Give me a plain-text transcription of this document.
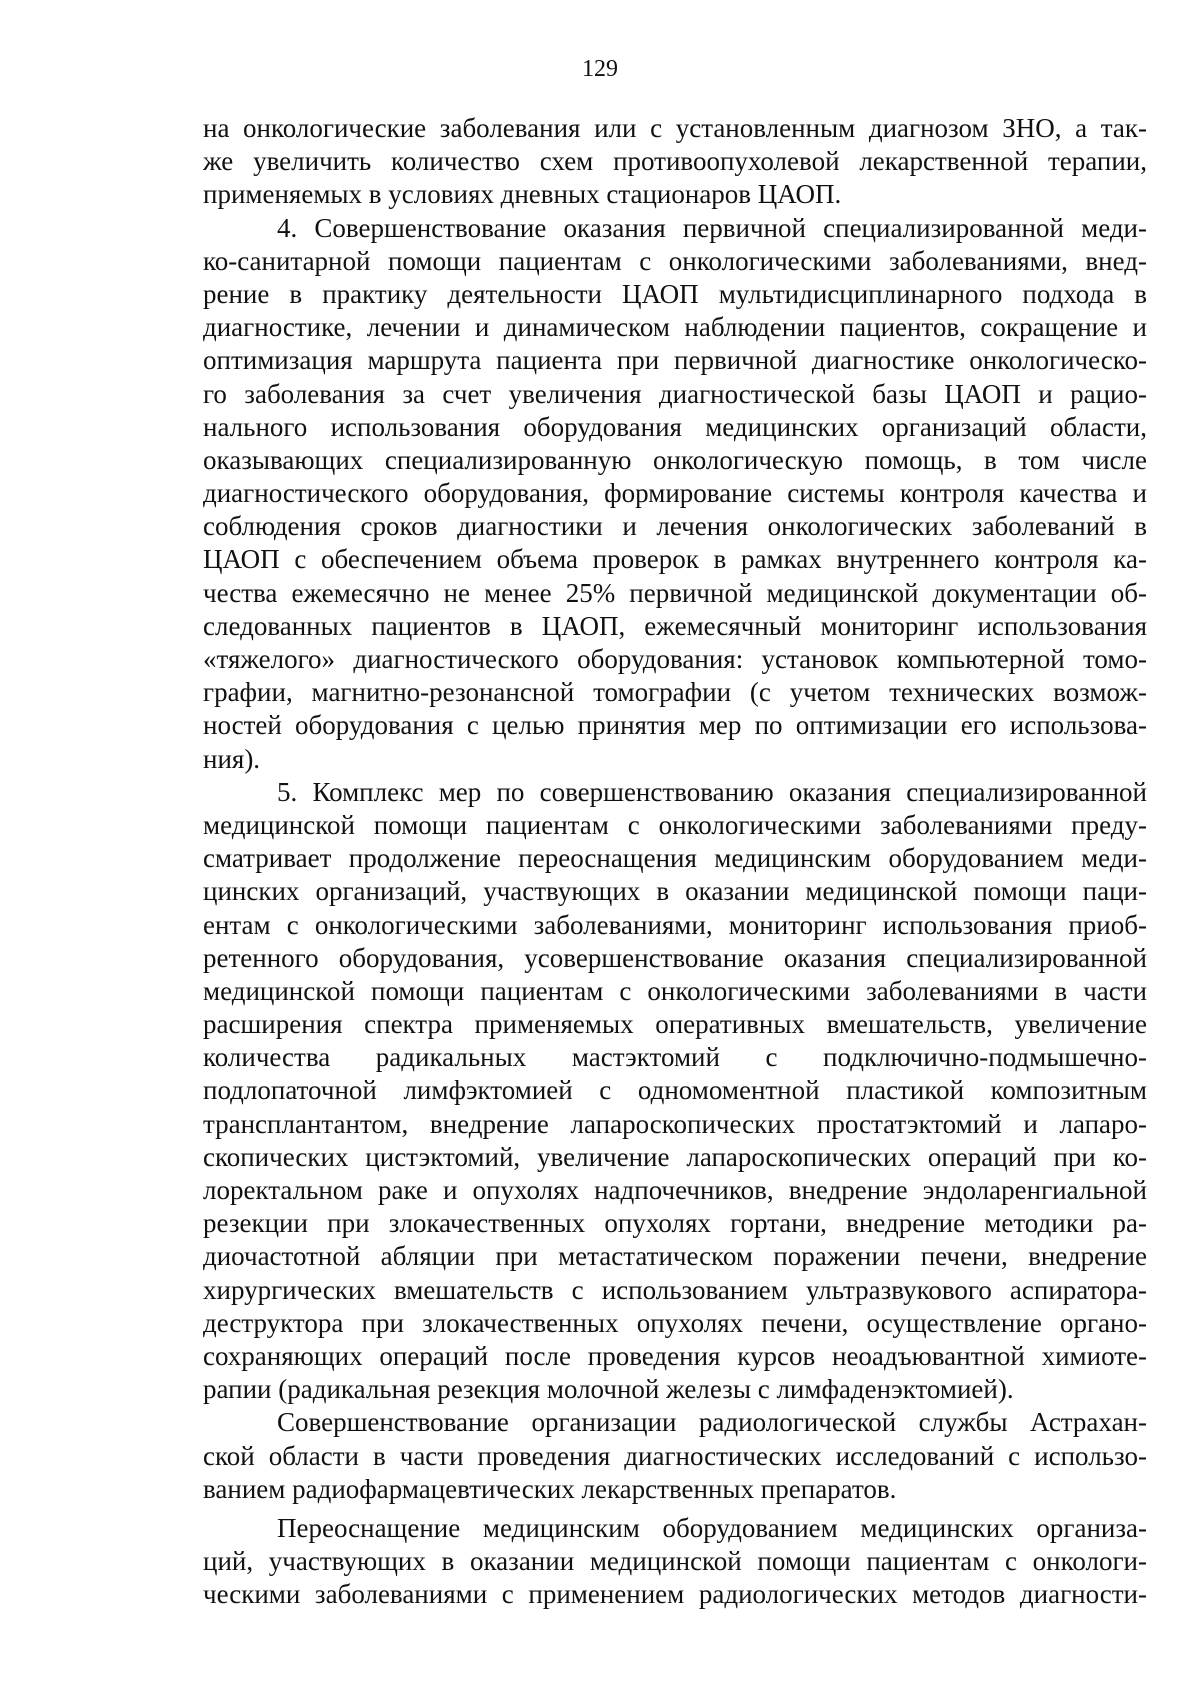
129

на онкологические заболевания или с установленным диагнозом ЗНО, а так-
же увеличить количество схем противоопухолевой лекарственной терапии,
применяемых в условиях дневных стационаров ЦАОП.

4. Совершенствование оказания первичной специализированной меди-
ко-санитарной помощи пациентам с онкологическими заболеваниями, внед-
рение в практику деятельности ЦАОП мультидисциплинарного подхода в
диагностике, лечении и динамическом наблюдении пациентов, сокращение и
оптимизация маршрута пациента при первичной диагностике онкологическо-
го заболевания за счет увеличения диагностической базы ЦАОП и рацио-
нального использования оборудования медицинских организаций области,
оказывающих специализированную онкологическую помощь, в том числе
диагностического оборудования, формирование системы контроля качества и
соблюдения сроков диагностики и лечения онкологических заболеваний в
ЦАОП с обеспечением объема проверок в рамках внутреннего контроля ка-
чества ежемесячно не менее 25% первичной медицинской документации об-
следованных пациентов в ЦАОП, ежемесячный мониторинг использования
«тяжелого» диагностического оборудования: установок компьютерной томо-
графии, магнитно-резонансной томографии (с учетом технических возмож-
ностей оборудования с целью принятия мер по оптимизации его использова-
ния).

5. Комплекс мер по совершенствованию оказания специализированной
медицинской помощи пациентам с онкологическими заболеваниями преду-
сматривает продолжение переоснащения медицинским оборудованием меди-
цинских организаций, участвующих в оказании медицинской помощи паци-
ентам с онкологическими заболеваниями, мониторинг использования приоб-
ретенного оборудования, усовершенствование оказания специализированной
медицинской помощи пациентам с онкологическими заболеваниями в части
расширения спектра применяемых оперативных вмешательств, увеличение
количества радикальных мастэктомий с подключично-подмышечно-
подлопаточной лимфэктомией с одномоментной пластикой композитным
трансплантантом, внедрение лапароскопических простатэктомий и лапаро-
скопических цистэктомий, увеличение лапароскопических операций при ко-
лоректальном раке и опухолях надпочечников, внедрение эндоларенгиальной
резекции при злокачественных опухолях гортани, внедрение методики ра-
диочастотной абляции при метастатическом поражении печени, внедрение
хирургических вмешательств с использованием ультразвукового аспиратора-
деструктора при злокачественных опухолях печени, осуществление органо-
сохраняющих операций после проведения курсов неоадъювантной химиоте-
рапии (радикальная резекция молочной железы с лимфаденэктомией).

Совершенствование организации радиологической службы Астрахан-
ской области в части проведения диагностических исследований с использо-
ванием радиофармацевтических лекарственных препаратов.

Переоснащение медицинским оборудованием медицинских организа-
ций, участвующих в оказании медицинской помощи пациентам с онкологи-
ческими заболеваниями с применением радиологических методов диагности-
